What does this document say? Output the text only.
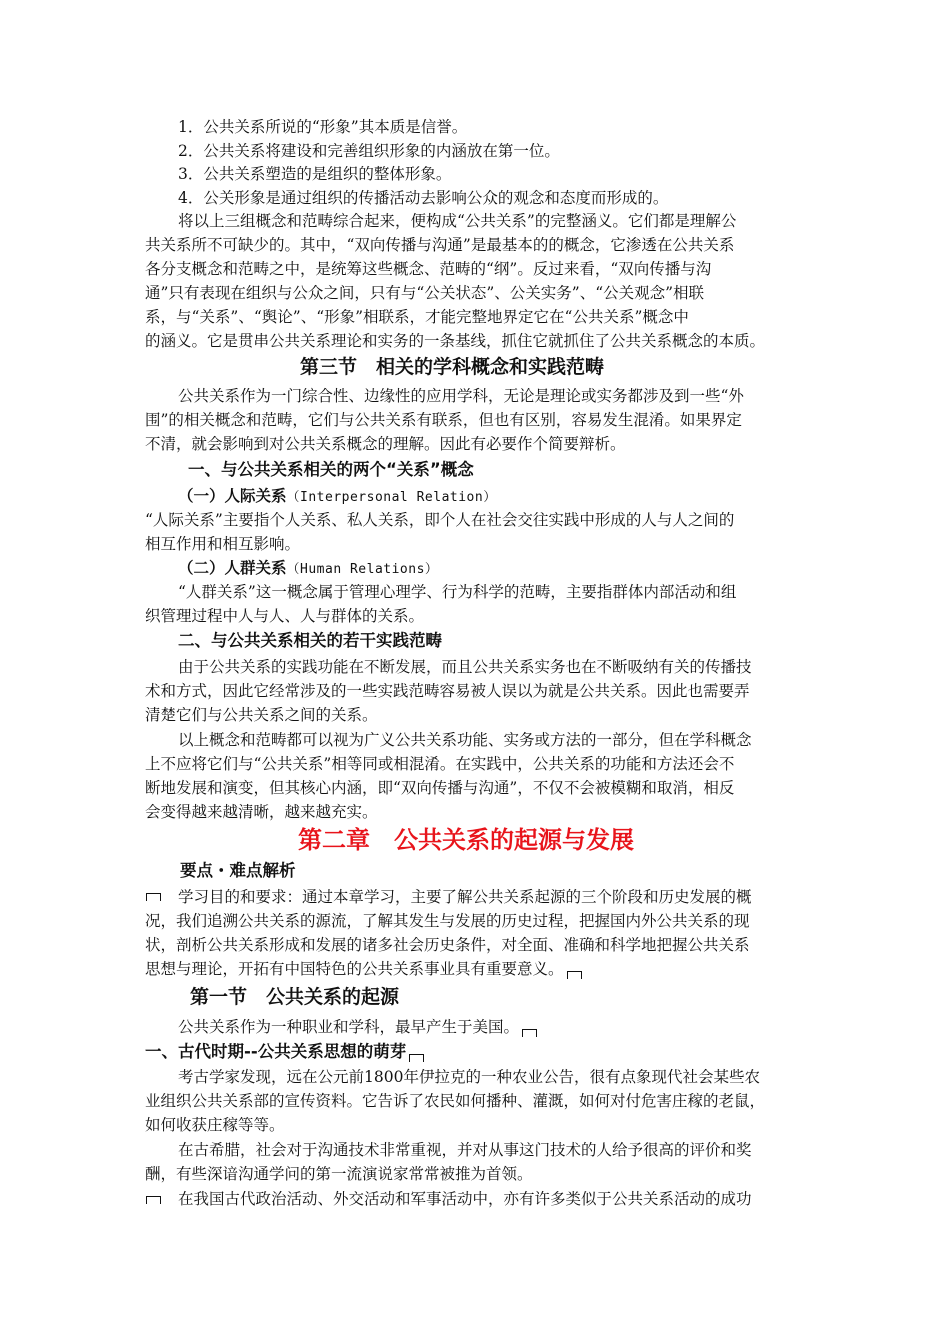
1．公共关系所说的“形象”其本质是信誉。
2．公共关系将建设和完善组织形象的内涵放在第一位。
3．公共关系塑造的是组织的整体形象。
4．公关形象是通过组织的传播活动去影响公众的观念和态度而形成的。
将以上三组概念和范畴综合起来，便构成“公共关系”的完整涵义。它们都是理解公
共关系所不可缺少的。其中，“双向传播与沟通”是最基本的的概念，它渗透在公共关系
各分支概念和范畴之中，是统筹这些概念、范畴的“纲”。反过来看，“双向传播与沟
通”只有表现在组织与公众之间，只有与“公关状态”、公关实务”、“公关观念”相联
系，与“关系”、“舆论”、“形象”相联系，才能完整地界定它在“公共关系”概念中
的涵义。它是贯串公共关系理论和实务的一条基线，抓住它就抓住了公共关系概念的本质。
第三节　相关的学科概念和实践范畴
公共关系作为一门综合性、边缘性的应用学科，无论是理论或实务都涉及到一些“外
围”的相关概念和范畴，它们与公共关系有联系，但也有区别，容易发生混淆。如果界定
不清，就会影响到对公共关系概念的理解。因此有必要作个简要辩析。
一、与公共关系相关的两个“关系”概念
（一）人际关系（Interpersonal Relation）
“人际关系”主要指个人关系、私人关系，即个人在社会交往实践中形成的人与人之间的
相互作用和相互影响。
（二）人群关系（Human Relations）
“人群关系”这一概念属于管理心理学、行为科学的范畴，主要指群体内部活动和组
织管理过程中人与人、人与群体的关系。
二、与公共关系相关的若干实践范畴
由于公共关系的实践功能在不断发展，而且公共关系实务也在不断吸纳有关的传播技
术和方式，因此它经常涉及的一些实践范畴容易被人误以为就是公共关系。因此也需要弄
清楚它们与公共关系之间的关系。
以上概念和范畴都可以视为广义公共关系功能、实务或方法的一部分，但在学科概念
上不应将它们与“公共关系”相等同或相混淆。在实践中，公共关系的功能和方法还会不
断地发展和演变，但其核心内涵，即“双向传播与沟通”，不仅不会被模糊和取消，相反
会变得越来越清晰，越来越充实。
第二章　公共关系的起源与发展
要点・难点解析
学习目的和要求：通过本章学习，主要了解公共关系起源的三个阶段和历史发展的概
况，我们追溯公共关系的源流，了解其发生与发展的历史过程，把握国内外公共关系的现
状，剖析公共关系形成和发展的诸多社会历史条件，对全面、准确和科学地把握公共关系
思想与理论，开拓有中国特色的公共关系事业具有重要意义。
第一节　公共关系的起源
公共关系作为一种职业和学科，最早产生于美国。
一、古代时期--公共关系思想的萌芽
考古学家发现，远在公元前1800年伊拉克的一种农业公告，很有点象现代社会某些农
业组织公共关系部的宣传资料。它告诉了农民如何播种、灌溉，如何对付危害庄稼的老鼠，
如何收获庄稼等等。
在古希腊，社会对于沟通技术非常重视，并对从事这门技术的人给予很高的评价和奖
酬，有些深谙沟通学问的第一流演说家常常被推为首领。
在我国古代政治活动、外交活动和军事活动中，亦有许多类似于公共关系活动的成功
